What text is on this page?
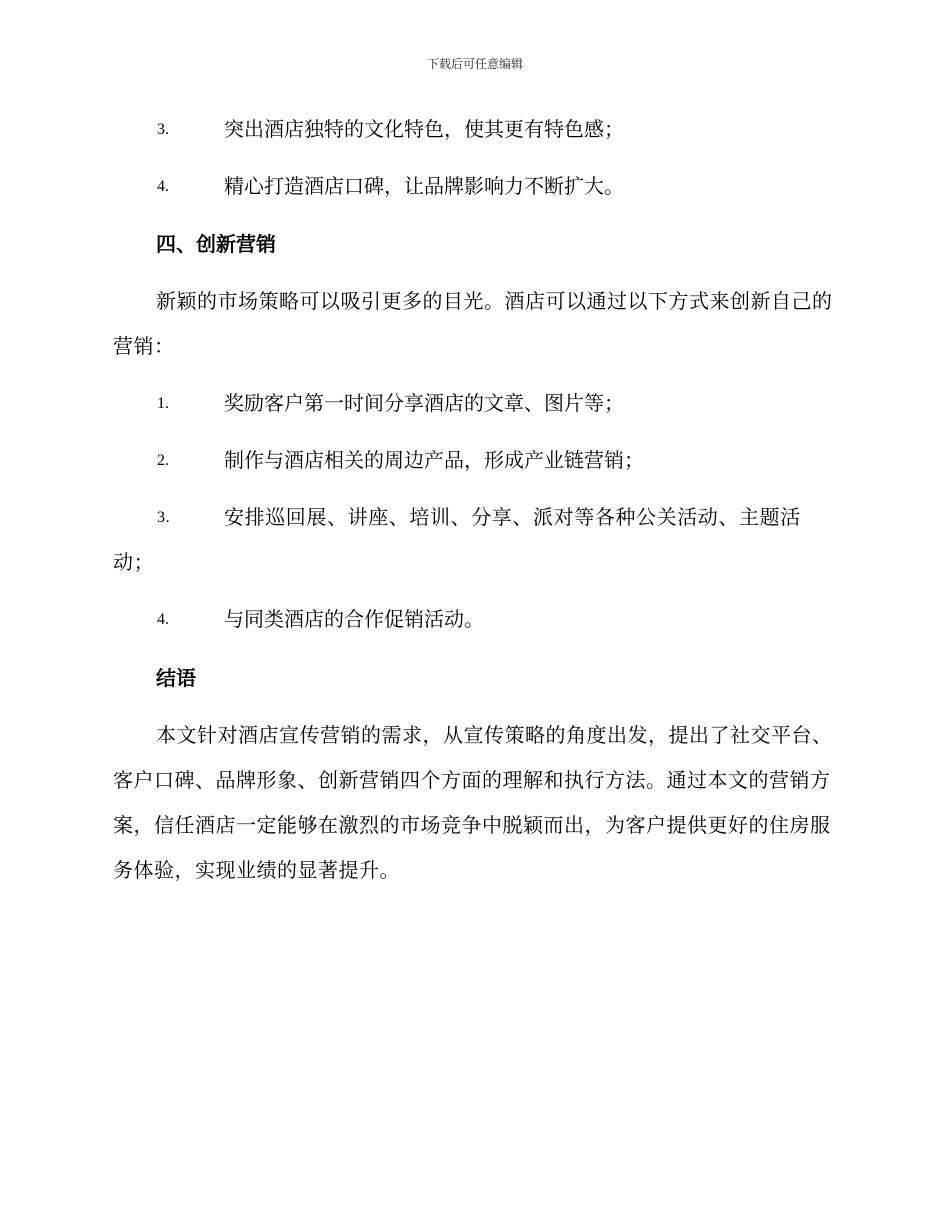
下载后可任意编辑

3.	突出酒店独特的文化特色，使其更有特色感；

4.	精心打造酒店口碑，让品牌影响力不断扩大。

四、创新营销

新颖的市场策略可以吸引更多的目光。酒店可以通过以下方式来创新自己的营销：

1.	奖励客户第一时间分享酒店的文章、图片等；

2.	制作与酒店相关的周边产品，形成产业链营销；

3.	安排巡回展、讲座、培训、分享、派对等各种公关活动、主题活动；

4.	与同类酒店的合作促销活动。

结语

本文针对酒店宣传营销的需求，从宣传策略的角度出发，提出了社交平台、客户口碑、品牌形象、创新营销四个方面的理解和执行方法。通过本文的营销方案，信任酒店一定能够在激烈的市场竞争中脱颖而出，为客户提供更好的住房服务体验，实现业绩的显著提升。
